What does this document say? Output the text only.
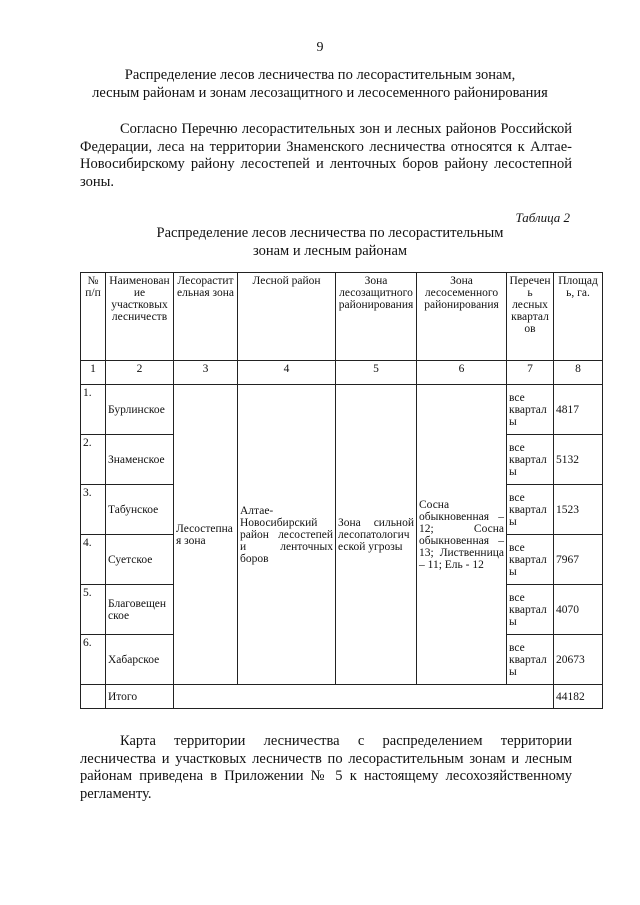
9
Распределение лесов лесничества по лесорастительным зонам,
лесным районам и зонам лесозащитного и лесосеменного районирования
Согласно Перечню лесорастительных зон и лесных районов Российской Федерации, леса на территории Знаменского лесничества относятся к Алтае-Новосибирскому району лесостепей и ленточных боров району лесостепной зоны.
Таблица 2
Распределение лесов лесничества по лесорастительным
зонам и лесным районам
№ п/п	Наименование участковых лесничеств	Лесорастительная зона	Лесной район	Зона лесозащитного районирования	Зона лесосеменного районирования	Перечень лесных кварталов	Площадь, га.
1	2	3	4	5	6	7	8
1.	Бурлинское	Лесостепная зона	Алтае-Новосибирский район лесостепей и ленточных боров	Зона сильной лесопатологической угрозы	Сосна обыкновенная – 12; Сосна обыкновенная – 13; Лиственница – 11; Ель - 12	все кварталы	4817
2.	Знаменское					все кварталы	5132
3.	Табунское					все кварталы	1523
4.	Суетское					все кварталы	7967
5.	Благовещенское					все кварталы	4070
6.	Хабарское					все кварталы	20673
	Итого						44182
Карта территории лесничества с распределением территории лесничества и участковых лесничеств по лесорастительным зонам и лесным районам приведена в Приложении № 5 к настоящему лесохозяйственному регламенту.
